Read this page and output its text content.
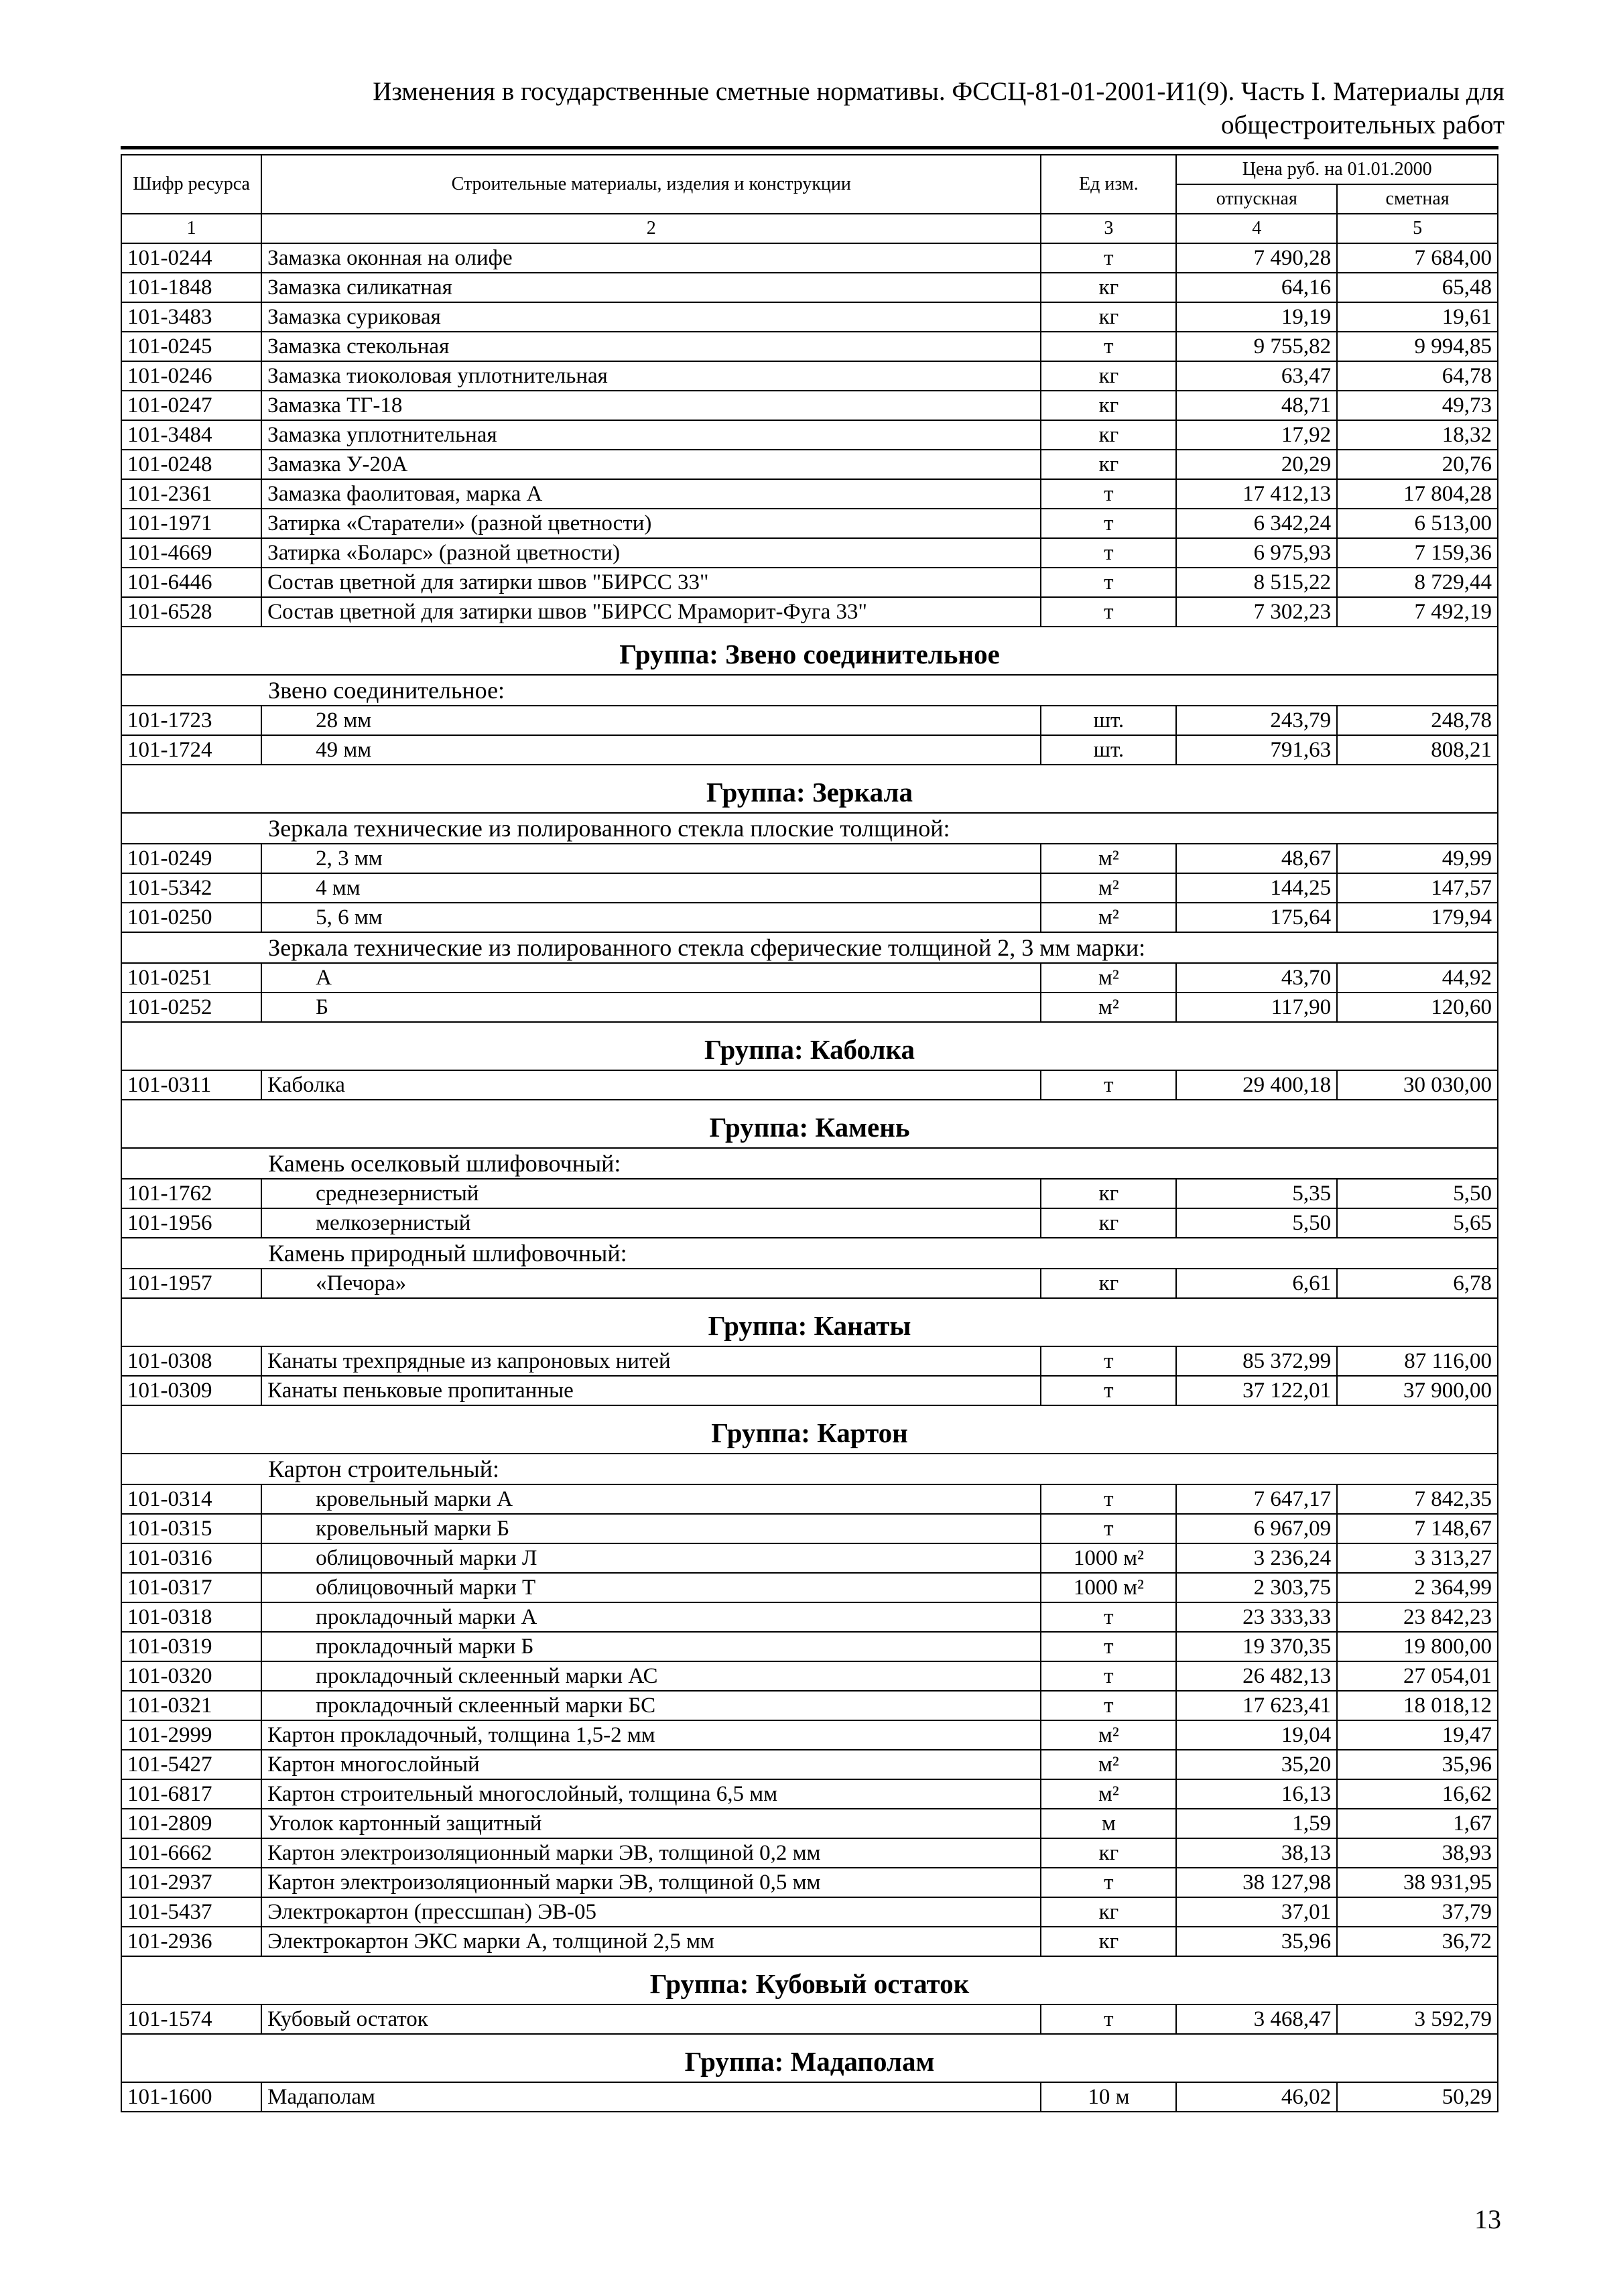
Изменения в государственные сметные нормативы. ФССЦ-81-01-2001-И1(9). Часть I. Материалы для
общестроительных работ
Шифр ресурса	Строительные материалы, изделия и конструкции	Ед изм.	Цена руб. на 01.01.2000	
			отпускная	сметная
1	2	3	4	5
101-0244	Замазка оконная на олифе	т	7 490,28	7 684,00
101-1848	Замазка силикатная	кг	64,16	65,48
101-3483	Замазка суриковая	кг	19,19	19,61
101-0245	Замазка стекольная	т	9 755,82	9 994,85
101-0246	Замазка тиоколовая уплотнительная	кг	63,47	64,78
101-0247	Замазка ТГ-18	кг	48,71	49,73
101-3484	Замазка уплотнительная	кг	17,92	18,32
101-0248	Замазка У-20А	кг	20,29	20,76
101-2361	Замазка фаолитовая, марка А	т	17 412,13	17 804,28
101-1971	Затирка «Старатели» (разной цветности)	т	6 342,24	6 513,00
101-4669	Затирка «Боларс» (разной цветности)	т	6 975,93	7 159,36
101-6446	Состав цветной для затирки швов "БИРСС 33"	т	8 515,22	8 729,44
101-6528	Состав цветной для затирки швов "БИРСС Мраморит-Фуга 33"	т	7 302,23	7 492,19
Группа: Звено соединительное				
	Звено соединительное:			
101-1723	28 мм	шт.	243,79	248,78
101-1724	49 мм	шт.	791,63	808,21
Группа: Зеркала				
	Зеркала технические из полированного стекла плоские толщиной:			
101-0249	2, 3 мм	м²	48,67	49,99
101-5342	4 мм	м²	144,25	147,57
101-0250	5, 6 мм	м²	175,64	179,94
	Зеркала технические из полированного стекла сферические толщиной 2, 3 мм марки:			
101-0251	А	м²	43,70	44,92
101-0252	Б	м²	117,90	120,60
Группа: Каболка				
101-0311	Каболка	т	29 400,18	30 030,00
Группа: Камень				
	Камень оселковый шлифовочный:			
101-1762	среднезернистый	кг	5,35	5,50
101-1956	мелкозернистый	кг	5,50	5,65
	Камень природный шлифовочный:			
101-1957	«Печора»	кг	6,61	6,78
Группа: Канаты				
101-0308	Канаты трехпрядные из капроновых нитей	т	85 372,99	87 116,00
101-0309	Канаты пеньковые пропитанные	т	37 122,01	37 900,00
Группа: Картон				
	Картон строительный:			
101-0314	кровельный марки А	т	7 647,17	7 842,35
101-0315	кровельный марки Б	т	6 967,09	7 148,67
101-0316	облицовочный марки Л	1000 м²	3 236,24	3 313,27
101-0317	облицовочный марки Т	1000 м²	2 303,75	2 364,99
101-0318	прокладочный марки А	т	23 333,33	23 842,23
101-0319	прокладочный марки Б	т	19 370,35	19 800,00
101-0320	прокладочный склеенный марки АС	т	26 482,13	27 054,01
101-0321	прокладочный склеенный марки БС	т	17 623,41	18 018,12
101-2999	Картон прокладочный, толщина 1,5-2 мм	м²	19,04	19,47
101-5427	Картон многослойный	м²	35,20	35,96
101-6817	Картон строительный многослойный, толщина 6,5 мм	м²	16,13	16,62
101-2809	Уголок картонный защитный	м	1,59	1,67
101-6662	Картон электроизоляционный марки ЭВ, толщиной 0,2 мм	кг	38,13	38,93
101-2937	Картон электроизоляционный марки ЭВ, толщиной 0,5 мм	т	38 127,98	38 931,95
101-5437	Электрокартон (прессшпан) ЭВ-05	кг	37,01	37,79
101-2936	Электрокартон ЭКС марки А, толщиной 2,5 мм	кг	35,96	36,72
Группа: Кубовый остаток				
101-1574	Кубовый остаток	т	3 468,47	3 592,79
Группа: Мадаполам				
101-1600	Мадаполам	10 м	46,02	50,29
13
